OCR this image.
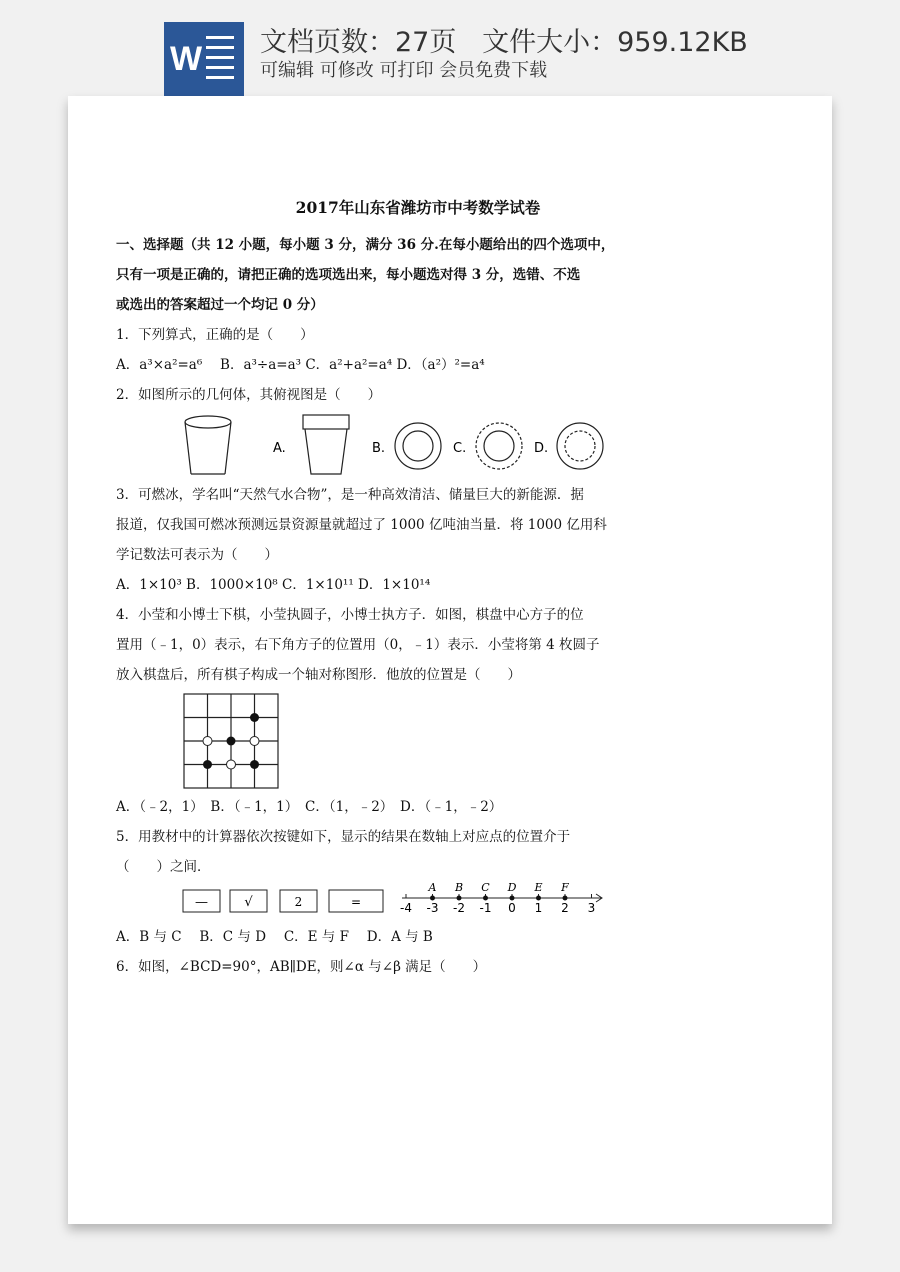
W 文档页数：27页   文件大小：959.12KB
可编辑 可修改 可打印 会员免费下载
2017年山东省潍坊市中考数学试卷
一、选择题（共 12 小题，每小题 3 分，满分 36 分.在每小题给出的四个选项中，
只有一项是正确的，请把正确的选项选出来，每小题选对得 3 分，选错、不选
或选出的答案超过一个均记 0 分）
1．下列算式，正确的是（　　）
A．a³×a²=a⁶　 B．a³÷a=a³ C．a²+a²=a⁴ D．（a²）²=a⁴
2．如图所示的几何体，其俯视图是（　　）
A.	B.	C.	D.
3．可燃冰，学名叫“天然气水合物”，是一种高效清洁、储量巨大的新能源．据
报道，仅我国可燃冰预测远景资源量就超过了 1000 亿吨油当量．将 1000 亿用科
学记数法可表示为（　　）
A．1×10³ B．1000×10⁸ C．1×10¹¹ D．1×10¹⁴
4．小莹和小博士下棋，小莹执圆子，小博士执方子．如图，棋盘中心方子的位
置用（﹣1，0）表示，右下角方子的位置用（0，﹣1）表示．小莹将第 4 枚圆子
放入棋盘后，所有棋子构成一个轴对称图形．他放的位置是（　　）
A．（﹣2，1）　B．（﹣1，1）　C．（1，﹣2）　D．（﹣1，﹣2）
5．用教材中的计算器依次按键如下，显示的结果在数轴上对应点的位置介于
（　　）之间．
—	√	2	=	-4 -3 -2 -1 0 1 2 3
A B C D E F
A．B 与 C　 B．C 与 D　 C．E 与 F　 D．A 与 B
6．如图，∠BCD=90°，AB∥DE，则∠α 与∠β 满足（　　）
